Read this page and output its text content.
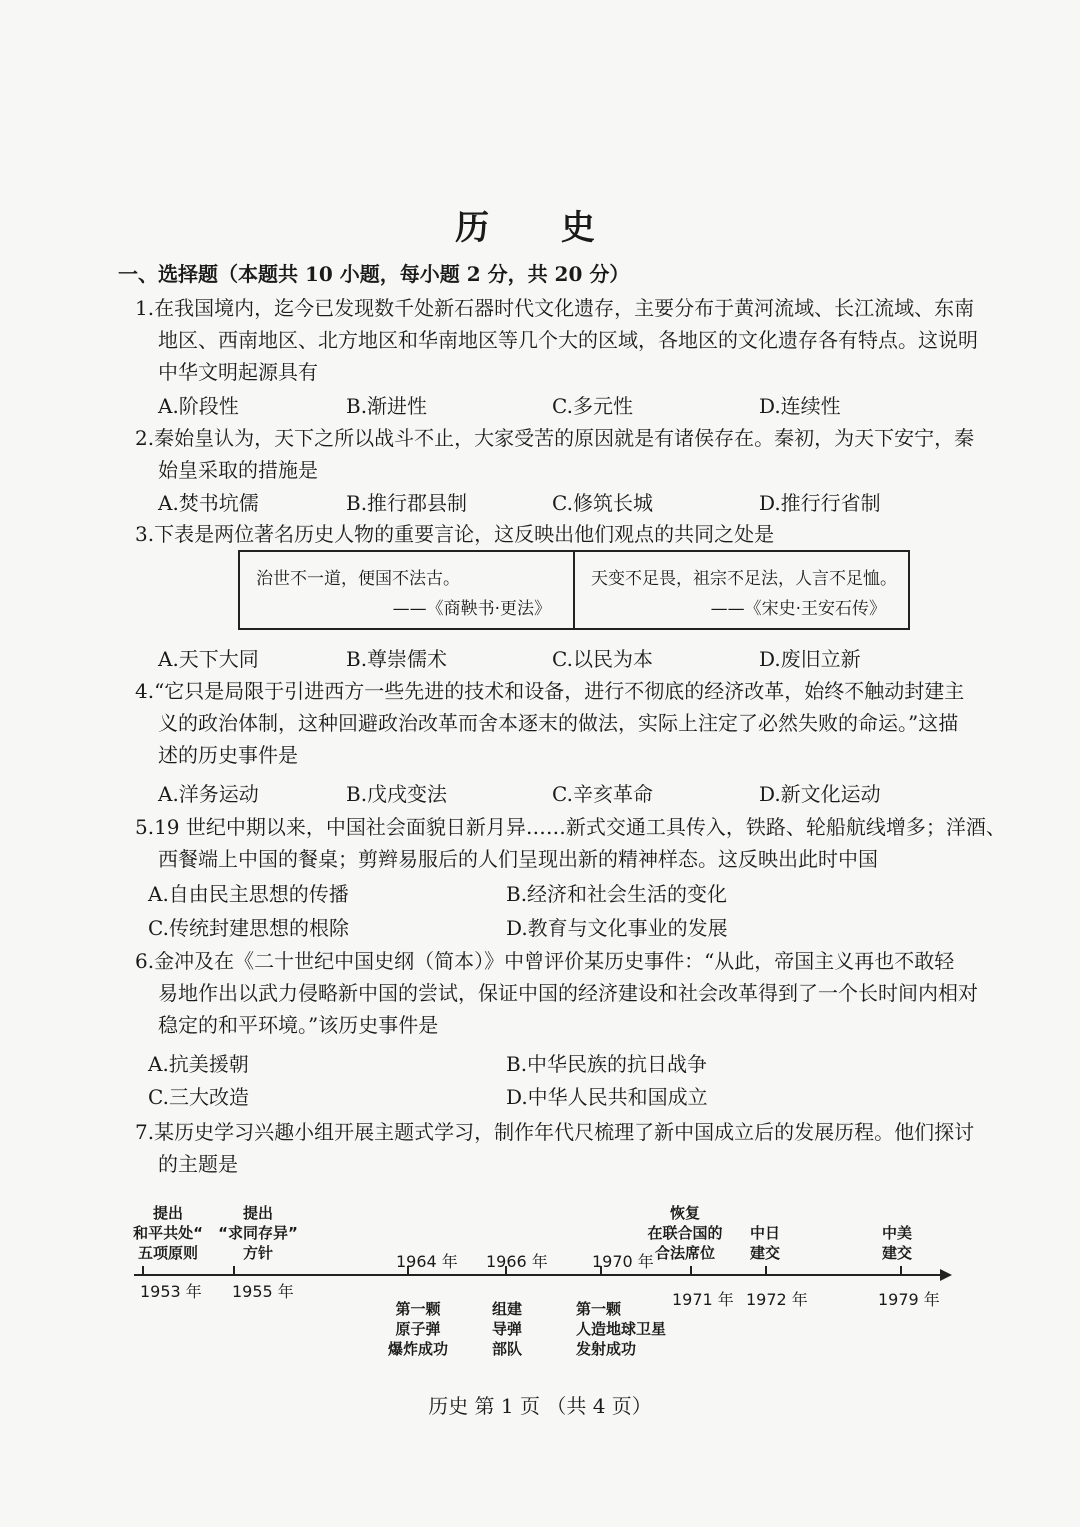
历 史
一、选择题（本题共 10 小题，每小题 2 分，共 20 分）
1.在我国境内，迄今已发现数千处新石器时代文化遗存，主要分布于黄河流域、长江流域、东南
地区、西南地区、北方地区和华南地区等几个大的区域，各地区的文化遗存各有特点。这说明
中华文明起源具有
A.阶段性	B.渐进性	C.多元性	D.连续性
2.秦始皇认为，天下之所以战斗不止，大家受苦的原因就是有诸侯存在。秦初，为天下安宁，秦
始皇采取的措施是
A.焚书坑儒	B.推行郡县制	C.修筑长城	D.推行行省制
3.下表是两位著名历史人物的重要言论，这反映出他们观点的共同之处是
治世不一道，便国不法古。
——《商鞅书·更法》
天变不足畏，祖宗不足法，人言不足恤。
——《宋史·王安石传》
A.天下大同	B.尊崇儒术	C.以民为本	D.废旧立新
4.“它只是局限于引进西方一些先进的技术和设备，进行不彻底的经济改革，始终不触动封建主
义的政治体制，这种回避政治改革而舍本逐末的做法，实际上注定了必然失败的命运。”这描
述的历史事件是
A.洋务运动	B.戊戌变法	C.辛亥革命	D.新文化运动
5.19 世纪中期以来，中国社会面貌日新月异……新式交通工具传入，铁路、轮船航线增多；洋酒、
西餐端上中国的餐桌；剪辫易服后的人们呈现出新的精神样态。这反映出此时中国
A.自由民主思想的传播	B.经济和社会生活的变化
C.传统封建思想的根除	D.教育与文化事业的发展
6.金冲及在《二十世纪中国史纲（简本）》中曾评价某历史事件：“从此，帝国主义再也不敢轻
易地作出以武力侵略新中国的尝试，保证中国的经济建设和社会改革得到了一个长时间内相对
稳定的和平环境。”该历史事件是
A.抗美援朝	B.中华民族的抗日战争
C.三大改造	D.中华人民共和国成立
7.某历史学习兴趣小组开展主题式学习，制作年代尺梳理了新中国成立后的发展历程。他们探讨
的主题是
提出
和平共处“
五项原则
提出
“求同存异”
方针
恢复
在联合国的
合法席位
中日
建交
中美
建交
1953 年 1955 年
1964 年 1966 年	1970 年
1971 年 1972 年	1979 年
第一颗
原子弹
爆炸成功
组建
导弹
部队
第一颗
人造地球卫星
发射成功
历史 第 1 页 （共 4 页）
